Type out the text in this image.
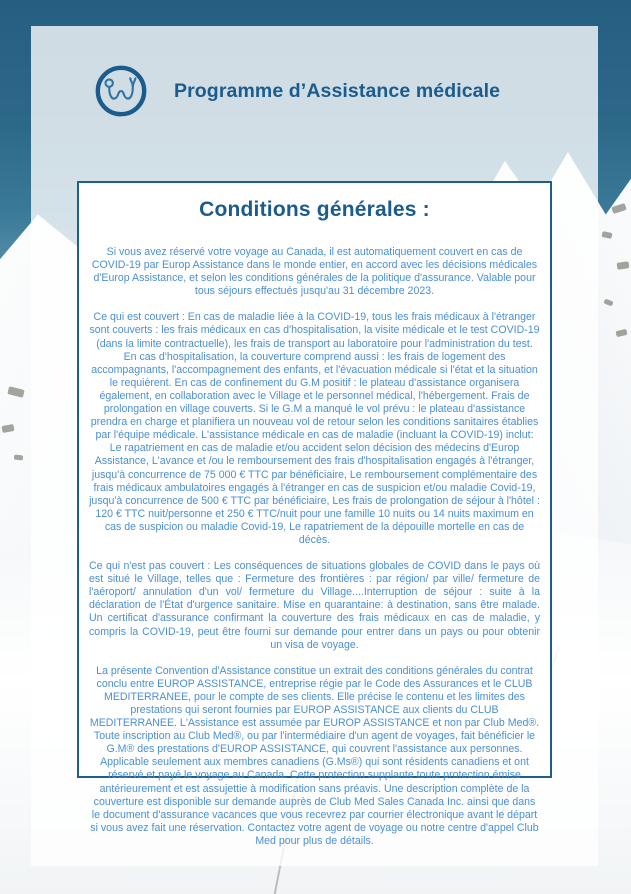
Programme d’Assistance médicale
Conditions générales :

Si vous avez réservé votre voyage au Canada, il est automatiquement couvert en cas de COVID-19 par Europ Assistance dans le monde entier, en accord avec les décisions médicales d'Europ Assistance, et selon les conditions générales de la politique d'assurance. Valable pour tous séjours effectués jusqu'au 31 décembre 2023.

Ce qui est couvert : En cas de maladie liée à la COVID-19, tous les frais médicaux à l'étranger sont couverts : les frais médicaux en cas d'hospitalisation, la visite médicale et le test COVID-19 (dans la limite contractuelle), les frais de transport au laboratoire pour l'administration du test. En cas d'hospitalisation, la couverture comprend aussi : les frais de logement des accompagnants, l'accompagnement des enfants, et l'évacuation médicale si l'état et la situation le requièrent. En cas de confinement du G.M positif : le plateau d'assistance organisera également, en collaboration avec le Village et le personnel médical, l'hébergement. Frais de prolongation en village couverts. Si le G.M a manqué le vol prévu : le plateau d'assistance prendra en charge et planifiera un nouveau vol de retour selon les conditions sanitaires établies par l'équipe médicale. L'assistance médicale en cas de maladie (incluant la COVID-19) inclut: Le rapatriement en cas de maladie et/ou accident selon décision des médecins d'Europ Assistance, L'avance et /ou le remboursement des frais d'hospitalisation engagés à l'étranger, jusqu'à concurrence de 75 000 € TTC par bénéficiaire, Le remboursement complémentaire des frais médicaux ambulatoires engagés à l'étranger en cas de suspicion et/ou maladie Covid-19, jusqu'à concurrence de 500 € TTC par bénéficiaire, Les frais de prolongation de séjour à l'hôtel : 120 € TTC nuit/personne et 250 € TTC/nuit pour une famille 10 nuits ou 14 nuits maximum en cas de suspicion ou maladie Covid-19, Le rapatriement de la dépouille mortelle en cas de décès.

Ce qui n'est pas couvert : Les conséquences de situations globales de COVID dans le pays où est situé le Village, telles que : Fermeture des frontières : par région/ par ville/ fermeture de l'aéroport/ annulation d'un vol/ fermeture du Village....Interruption de séjour : suite à la déclaration de l'État d'urgence sanitaire. Mise en quarantaine: à destination, sans être malade. Un certificat d'assurance confirmant la couverture des frais médicaux en cas de maladie, y compris la COVID-19, peut être fourni sur demande pour entrer dans un pays ou pour obtenir un visa de voyage.

La présente Convention d'Assistance constitue un extrait des conditions générales du contrat conclu entre EUROP ASSISTANCE, entreprise régie par le Code des Assurances et le CLUB MEDITERRANEE, pour le compte de ses clients. Elle précise le contenu et les limites des prestations qui seront fournies par EUROP ASSISTANCE aux clients du CLUB MEDITERRANEE. L'Assistance est assumée par EUROP ASSISTANCE et non par Club Med®. Toute inscription au Club Med®, ou par l'intermédiaire d'un agent de voyages, fait bénéficier le G.M® des prestations d'EUROP ASSISTANCE, qui couvrent l'assistance aux personnes. Applicable seulement aux membres canadiens (G.Ms®) qui sont résidents canadiens et ont réservé et payé le voyage au Canada. Cette protection supplante toute protection émise antérieurement et est assujettie à modification sans préavis. Une description complète de la couverture est disponible sur demande auprès de Club Med Sales Canada Inc. ainsi que dans le document d'assurance vacances que vous recevrez par courrier électronique avant le départ si vous avez fait une réservation. Contactez votre agent de voyage ou notre centre d'appel Club Med pour plus de détails.
